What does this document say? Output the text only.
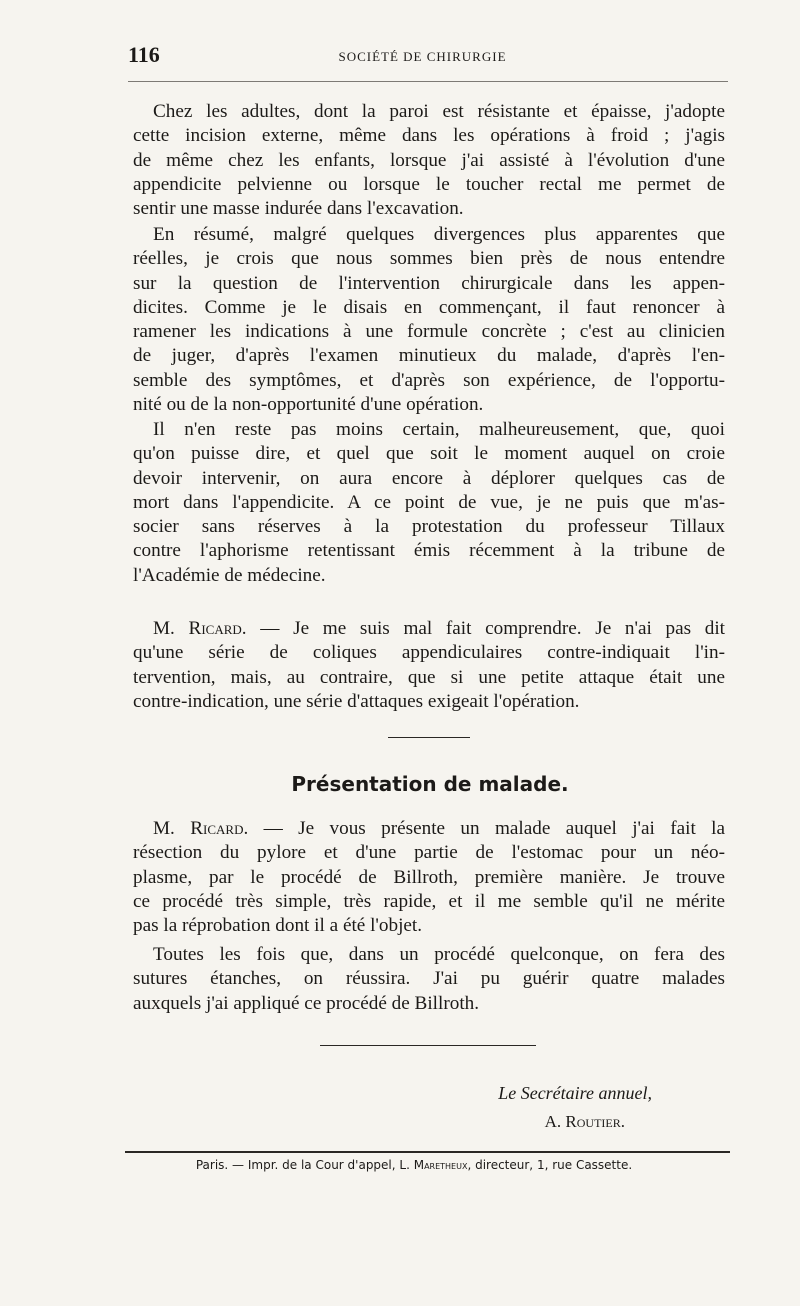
116	SOCIÉTÉ DE CHIRURGIE
Chez les adultes, dont la paroi est résistante et épaisse, j'adopte
cette incision externe, même dans les opérations à froid ; j'agis
de même chez les enfants, lorsque j'ai assisté à l'évolution d'une
appendicite pelvienne ou lorsque le toucher rectal me permet de
sentir une masse indurée dans l'excavation.
En résumé, malgré quelques divergences plus apparentes que
réelles, je crois que nous sommes bien près de nous entendre
sur la question de l'intervention chirurgicale dans les appen-
dicites. Comme je le disais en commençant, il faut renoncer à
ramener les indications à une formule concrète ; c'est au clinicien
de juger, d'après l'examen minutieux du malade, d'après l'en-
semble des symptômes, et d'après son expérience, de l'opportu-
nité ou de la non-opportunité d'une opération.
Il n'en reste pas moins certain, malheureusement, que, quoi
qu'on puisse dire, et quel que soit le moment auquel on croie
devoir intervenir, on aura encore à déplorer quelques cas de
mort dans l'appendicite. A ce point de vue, je ne puis que m'as-
socier sans réserves à la protestation du professeur Tillaux
contre l'aphorisme retentissant émis récemment à la tribune de
l'Académie de médecine.
M. Ricard. — Je me suis mal fait comprendre. Je n'ai pas dit
qu'une série de coliques appendiculaires contre-indiquait l'in-
tervention, mais, au contraire, que si une petite attaque était une
contre-indication, une série d'attaques exigeait l'opération.
Présentation de malade.
M. Ricard. — Je vous présente un malade auquel j'ai fait la
résection du pylore et d'une partie de l'estomac pour un néo-
plasme, par le procédé de Billroth, première manière. Je trouve
ce procédé très simple, très rapide, et il me semble qu'il ne mérite
pas la réprobation dont il a été l'objet.
Toutes les fois que, dans un procédé quelconque, on fera des
sutures étanches, on réussira. J'ai pu guérir quatre malades
auxquels j'ai appliqué ce procédé de Billroth.
Le Secrétaire annuel,
A. Routier.
Paris. — Impr. de la Cour d'appel, L. Maretheux, directeur, 1, rue Cassette.
